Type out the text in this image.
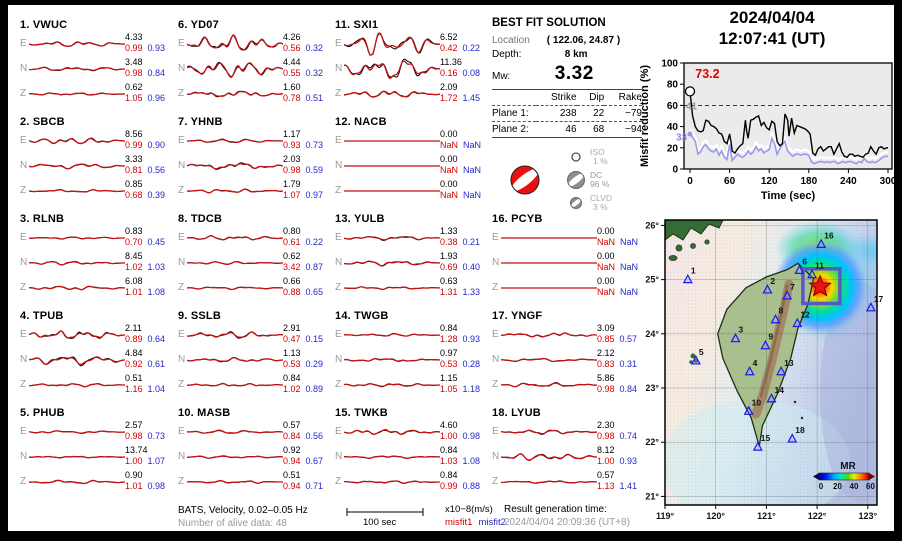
1. VWUC
E
4.33
0.99 0.93
N
3.48
0.98 0.84
Z
0.62
1.05 0.96
2. SBCB
E
8.56
0.99 0.90
N
3.33
0.81 0.56
Z
0.85
0.68 0.39
3. RLNB
E
0.83
0.70 0.45
N
8.45
1.02 1.03
Z
6.08
1.01 1.08
4. TPUB
E
2.11
0.89 0.64
N
4.84
0.92 0.61
Z
0.51
1.16 1.04
5. PHUB
E
2.57
0.98 0.73
N
13.74
1.00 1.07
Z
0.90
1.01 0.98
6. YD07
E
4.26
0.56 0.32
N
4.44
0.55 0.32
Z
1.60
0.78 0.51
7. YHNB
E
1.17
0.93 0.73
N
2.03
0.98 0.59
Z
1.79
1.07 0.97
8. TDCB
E
0.80
0.61 0.22
N
0.62
3.42 0.87
Z
0.66
0.88 0.65
9. SSLB
E
2.91
0.47 0.15
N
1.13
0.53 0.29
Z
0.84
1.02 0.89
10. MASB
E
0.57
0.84 0.56
N
0.92
0.94 0.67
Z
0.51
0.94 0.71
11. SXI1
E
6.52
0.42 0.22
N
11.36
0.16 0.08
Z
2.09
1.72 1.45
12. NACB
E
0.00
NaN NaN
N
0.00
NaN NaN
Z
0.00
NaN NaN
13. YULB
E
1.33
0.38 0.21
N
1.93
0.69 0.40
Z
0.63
1.31 1.33
14. TWGB
E
0.84
1.28 0.93
N
0.97
0.53 0.28
Z
1.15
1.05 1.18
15. TWKB
E
4.60
1.00 0.98
N
0.84
1.03 1.08
Z
0.84
0.99 0.88
16. PCYB
E
0.00
NaN NaN
N
0.00
NaN NaN
Z
0.00
NaN NaN
17. YNGF
E
3.09
0.85 0.57
N
2.12
0.83 0.31
Z
5.86
0.98 0.84
18. LYUB
E
2.30
0.98 0.74
N
8.12
1.00 0.93
Z
0.57
1.13 1.41
BEST FIT SOLUTION
Location ( 122.06, 24.87 )
Depth:	8 km
Mw: 3.32
	Strike	Dip	Rake
Plane 1:	238	22	−79
Plane 2:	46	68	−94
ISO
1 %
DC
96 %
CLVD
3 %
2024/04/04
12:07:41 (UT)
0
20
40
60
80
100
0	60	120 180 240 300
Time (sec)
Misfit reduction (%)	73.2
41
33
1
2
3
4
5
6
7
8
9
10
11
12
13
14
15
16
17
18
26°
25°
24°
23°
22°
21°
119°	120°	121°	122°	123°
MR
0 20 40 60
BATS, Velocity, 0.02–0.05 Hz
Number of alive data: 48	100 sec
x10−8(m/s)
misfit1 misfit2
Result generation time:
2024/04/04 20:09:36 (UT+8)
